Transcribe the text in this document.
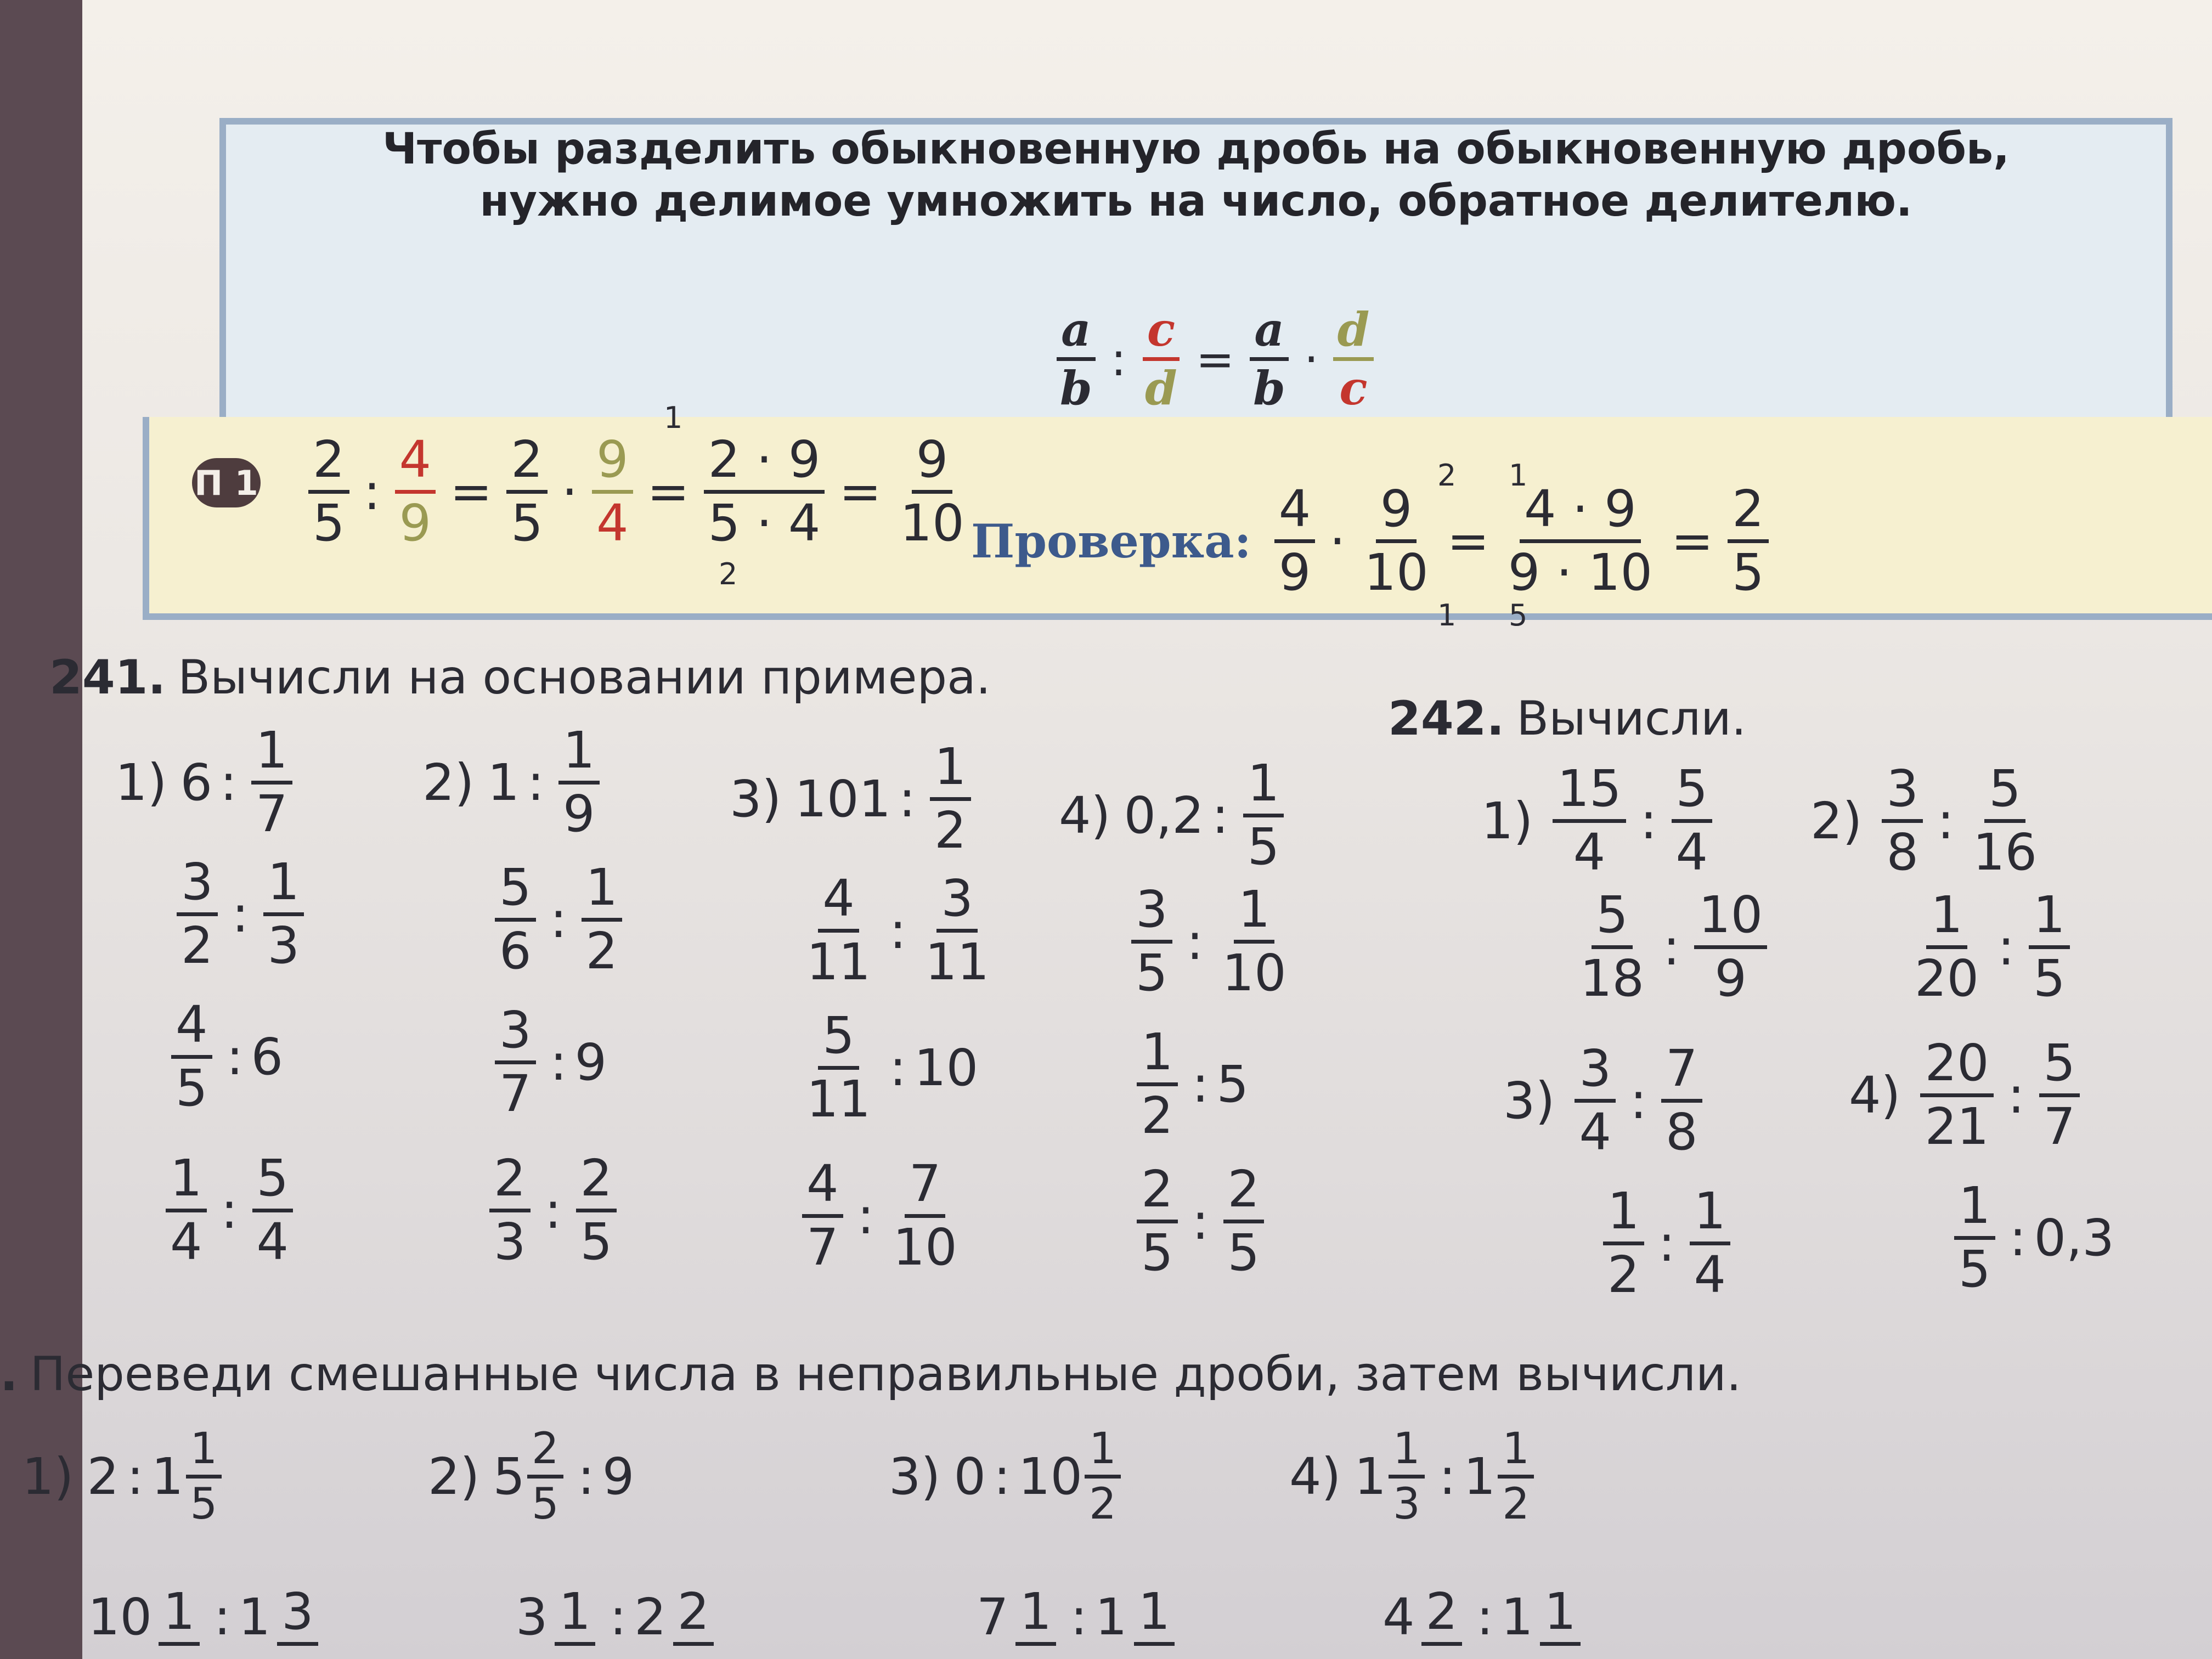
Чтобы разделить обыкновенную дробь на обыкновенную дробь,
нужно делимое умножить на число, обратное делителю.
$\frac{a}{b}$ : $\frac{c}{d} = \frac{a}{b} \cdot \frac{d}{c}$
П $1 \frac{2}{5}$ : $\frac{4}{9} = \frac{2}{5} \cdot \frac{9}{4} = \frac{2 \cdot 9}{5 \cdot 4} = \frac{9}{10}$
1
2
Проверка: $\frac{4}{9} \cdot \frac{9}{10} = \frac{4 \cdot 9}{9 \cdot 10} = \frac{2}{5}$
2 1
1 5
241. Вычисли на основании примера.
1) 6 : $\frac{1}{7}$
$\frac{3}{2}$ : $\frac{1}{3}$
$\frac{4}{5}$ : 6
$\frac{1}{4}$ : $\frac{5}{4}$
2) 1 : $\frac{1}{9}$
$\frac{5}{6}$ : $\frac{1}{2}$
$\frac{3}{7}$ : 9
$\frac{2}{3}$ : $\frac{2}{5}$
3) 101 : $\frac{1}{2}$
$\frac{4}{11}$ : $\frac{3}{11}$
$\frac{5}{11}$ : 10
$\frac{4}{7}$ : $\frac{7}{10}$
4) 0,2 : $\frac{1}{5}$
$\frac{3}{5}$ : $\frac{1}{10}$
$\frac{1}{2}$ : 5
$\frac{2}{5}$ : $\frac{2}{5}$
242. Вычисли.
$1) \frac{15}{4}$ : $\frac{5}{4}$
$\frac{5}{18}$ : $\frac{10}{9}$
$2) \frac{3}{8}$ : $\frac{5}{16}$
$\frac{1}{20}$ : $\frac{1}{5}$
$3) \frac{3}{4}$ : $\frac{7}{8}$
$\frac{1}{2}$ : $\frac{1}{4}$
$4) \frac{20}{21}$ : $\frac{5}{7}$
$\frac{1}{5}$ : 0,3
. Переведи смешанные числа в неправильные дроби, затем вычисли.
1) 2 : $1 \frac{1}{5}$	2) $5 \frac{2}{5}$ : 9	3) 0 : $10 \frac{1}{2}$	4) $1 \frac{1}{3}$ : $1 \frac{1}{2}$
10 1 : 1 3	3 1 : 2 2	7 1 : 1 1	4 2 : 1 1
